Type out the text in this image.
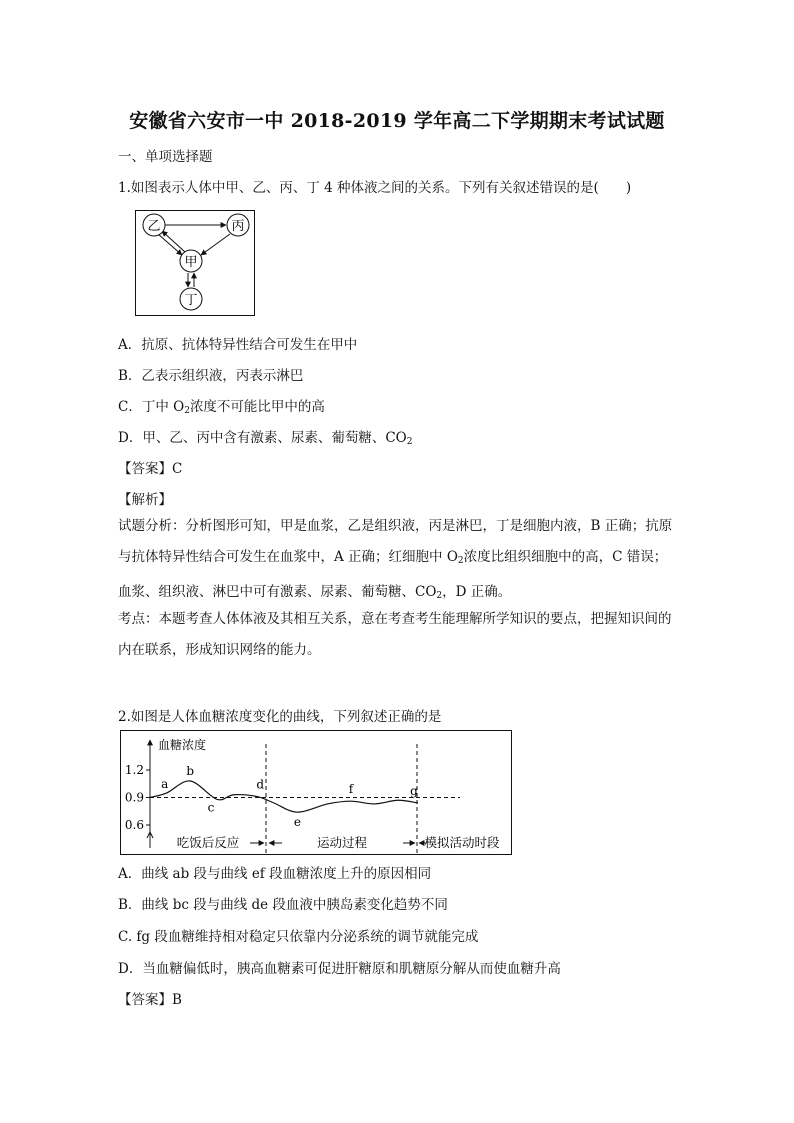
安徽省六安市一中 2018-2019 学年高二下学期期末考试试题
一、单项选择题
1.如图表示人体中甲、乙、丙、丁 4 种体液之间的关系。下列有关叙述错误的是(　　)
乙	丙
甲
丁
A．抗原、抗体特异性结合可发生在甲中
B．乙表示组织液，丙表示淋巴
C．丁中 $O_2$浓度不可能比甲中的高
D．甲、乙、丙中含有激素、尿素、葡萄糖、$CO_2$
【答案】C
【解析】
试题分析：分析图形可知，甲是血浆，乙是组织液，丙是淋巴，丁是细胞内液，B 正确；抗原与抗体特异性结合可发生在血浆中，A 正确；红细胞中 $O_2$浓度比组织细胞中的高，C 错误；血浆、组织液、淋巴中可有激素、尿素、葡萄糖、$CO_2$，D 正确。
考点：本题考查人体体液及其相互关系，意在考查考生能理解所学知识的要点，把握知识间的内在联系，形成知识网络的能力。
2.如图是人体血糖浓度变化的曲线，下列叙述正确的是
血糖浓度
1.2
0.9
0.6
a
b
c
d
e
f	g
吃饭后反应	运动过程	模拟活动时段
A．曲线 ab 段与曲线 ef 段血糖浓度上升的原因相同
B．曲线 bc 段与曲线 de 段血液中胰岛素变化趋势不同
C. fg 段血糖维持相对稳定只依靠内分泌系统的调节就能完成
D．当血糖偏低时，胰高血糖素可促进肝糖原和肌糖原分解从而使血糖升高
【答案】B
